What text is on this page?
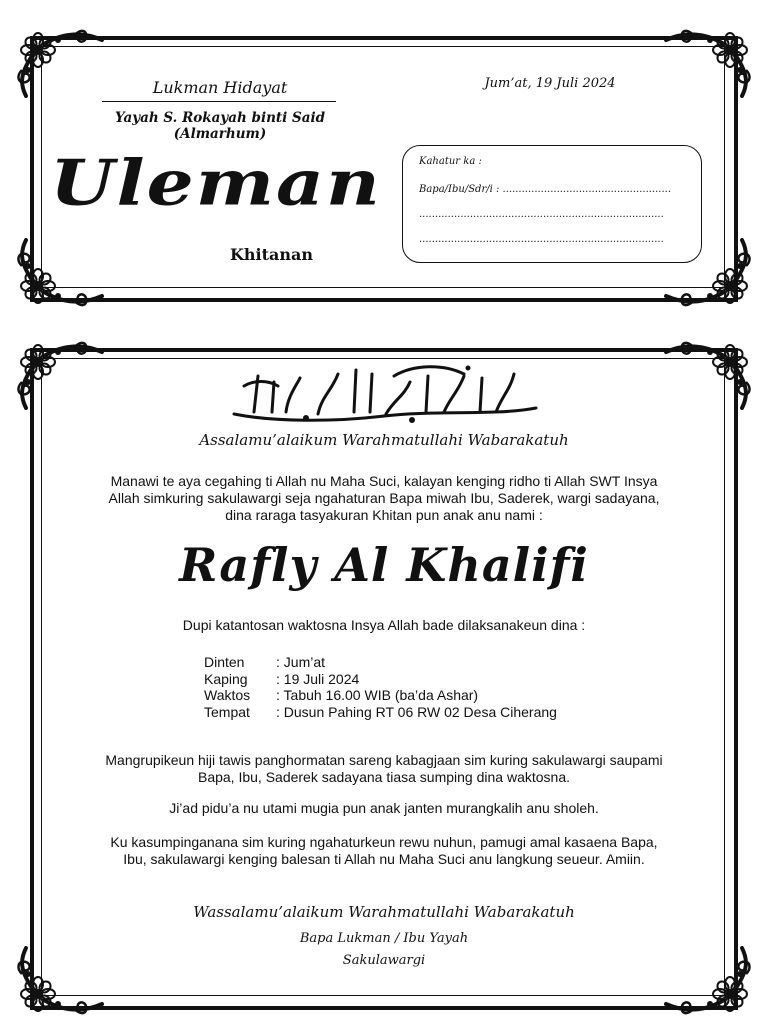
Lukman Hidayat
Yayah S. Rokayah binti Said (Almarhum)
Jum’at, 19 Juli 2024
Uleman
Khitanan
Kahatur ka :
Bapa/Ibu/Sdr/i : .....................................................
.............................................................................
.............................................................................
Assalamu’alaikum Warahmatullahi Wabarakatuh
Manawi te aya cegahing ti Allah nu Maha Suci, kalayan kenging ridho ti Allah SWT Insya
Allah simkuring sakulawargi seja ngahaturan Bapa miwah Ibu, Saderek, wargi sadayana,
dina raraga tasyakuran Khitan pun anak anu nami :
Rafly Al Khalifi
Dupi katantosan waktosna Insya Allah bade dilaksanakeun dina :
Dinten	: Jum’at
Kaping	: 19 Juli 2024
Waktos	: Tabuh 16.00 WIB (ba’da Ashar)
Tempat	: Dusun Pahing RT 06 RW 02 Desa Ciherang
Mangrupikeun hiji tawis panghormatan sareng kabagjaan sim kuring sakulawargi saupami
Bapa, Ibu, Saderek sadayana tiasa sumping dina waktosna.
Ji’ad pidu’a nu utami mugia pun anak janten murangkalih anu sholeh.
Ku kasumpinganana sim kuring ngahaturkeun rewu nuhun, pamugi amal kasaena Bapa,
Ibu, sakulawargi kenging balesan ti Allah nu Maha Suci anu langkung seueur. Amiin.
Wassalamu’alaikum Warahmatullahi Wabarakatuh
Bapa Lukman / Ibu Yayah
Sakulawargi
